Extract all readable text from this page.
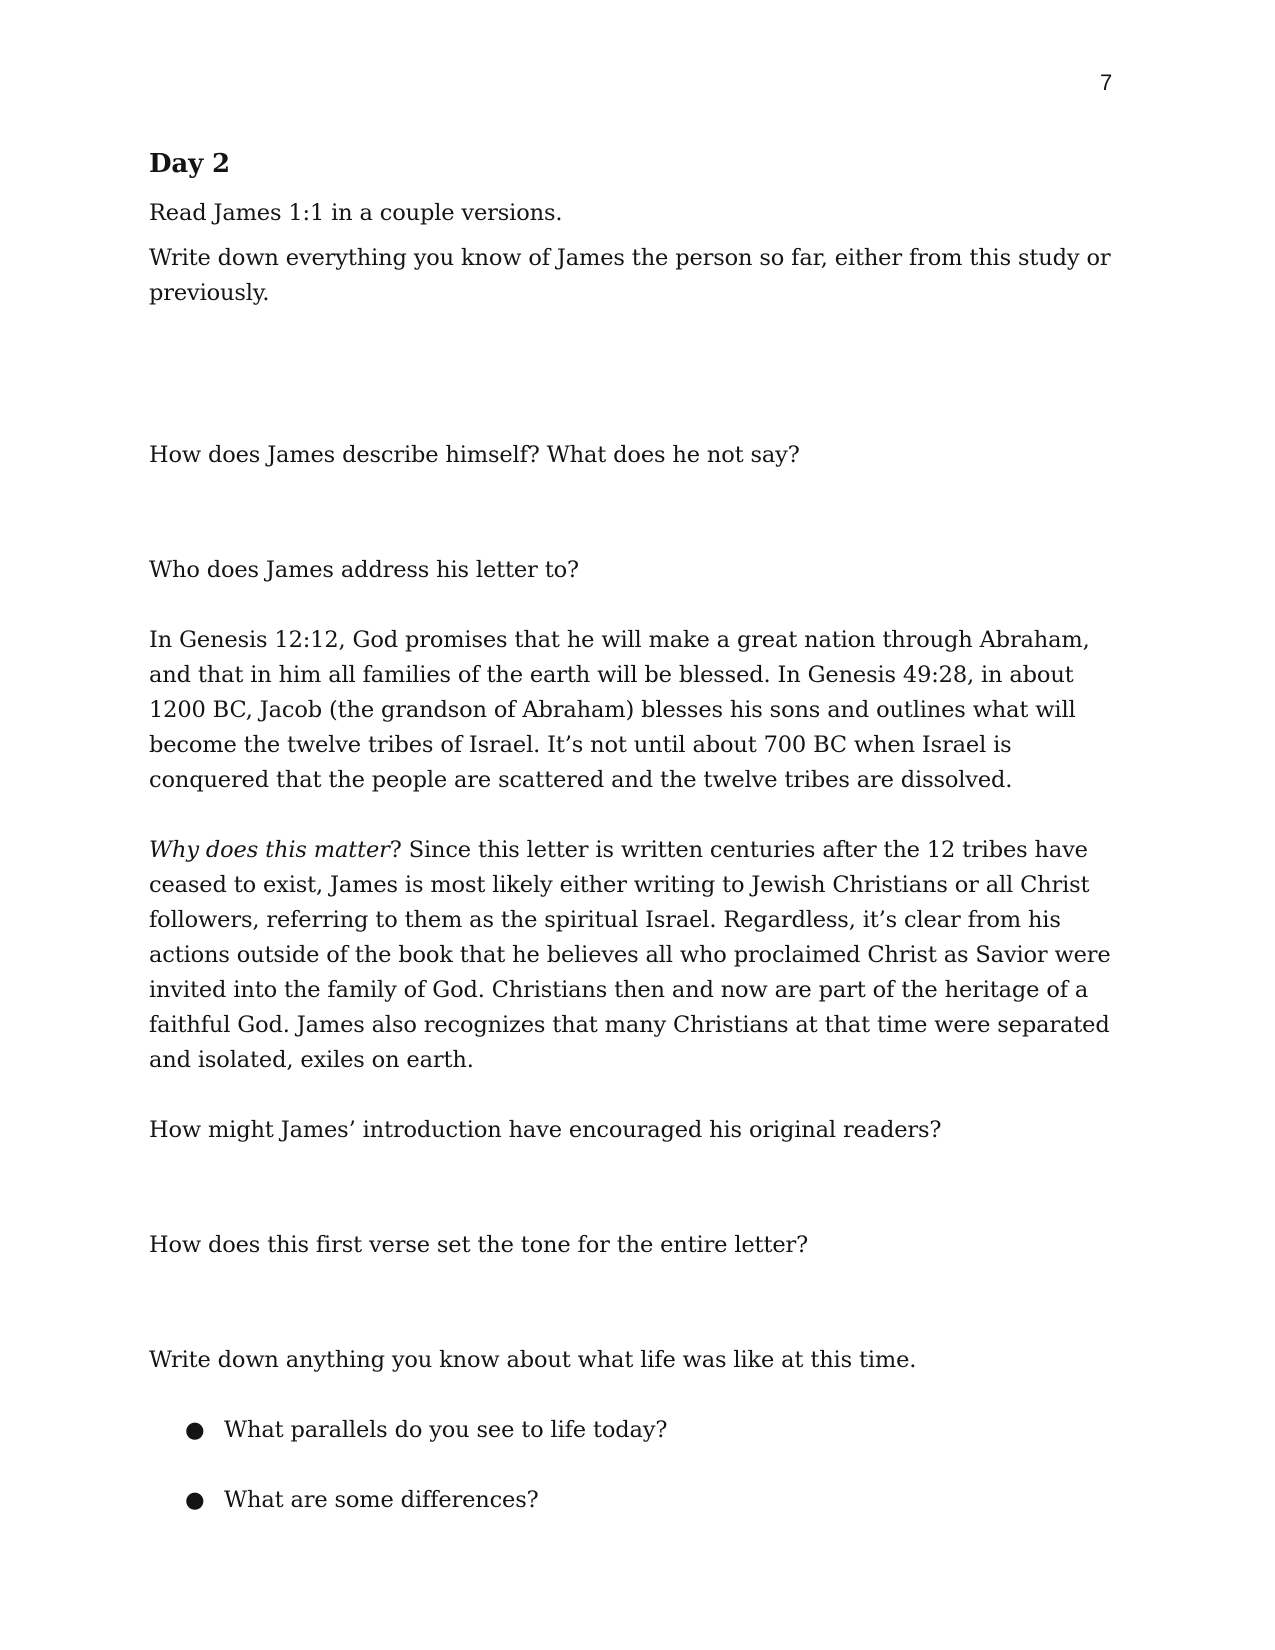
7

Day 2

Read James 1:1 in a couple versions.

Write down everything you know of James the person so far, either from this study or previously.

How does James describe himself? What does he not say?

Who does James address his letter to?

In Genesis 12:12, God promises that he will make a great nation through Abraham, and that in him all families of the earth will be blessed. In Genesis 49:28, in about 1200 BC, Jacob (the grandson of Abraham) blesses his sons and outlines what will become the twelve tribes of Israel. It’s not until about 700 BC when Israel is conquered that the people are scattered and the twelve tribes are dissolved.

Why does this matter? Since this letter is written centuries after the 12 tribes have ceased to exist, James is most likely either writing to Jewish Christians or all Christ followers, referring to them as the spiritual Israel. Regardless, it’s clear from his actions outside of the book that he believes all who proclaimed Christ as Savior were invited into the family of God. Christians then and now are part of the heritage of a faithful God. James also recognizes that many Christians at that time were separated and isolated, exiles on earth.

How might James’ introduction have encouraged his original readers?

How does this first verse set the tone for the entire letter?

Write down anything you know about what life was like at this time.

● What parallels do you see to life today?
● What are some differences?
